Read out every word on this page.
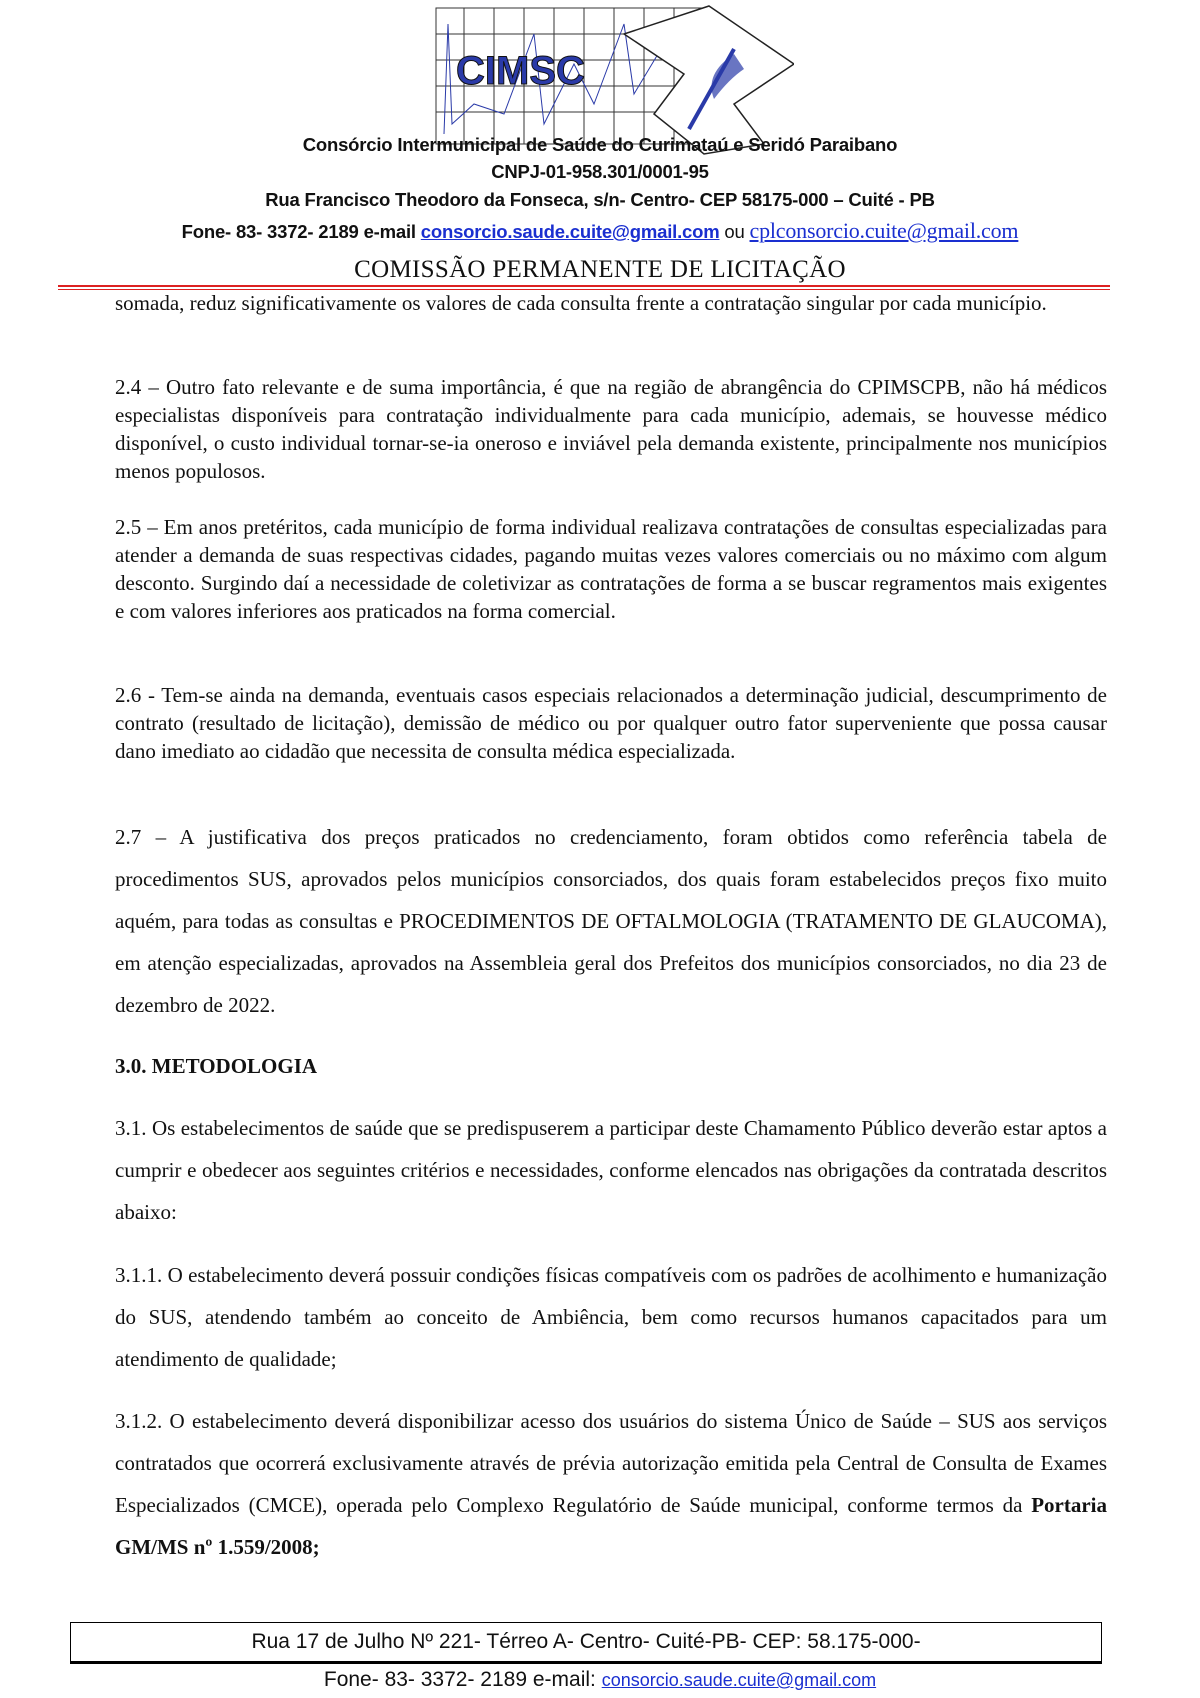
CIMSC
Consórcio Intermunicipal de Saúde do Curimataú e Seridó Paraibano
CNPJ-01-958.301/0001-95
Rua Francisco Theodoro da Fonseca, s/n- Centro- CEP 58175-000 – Cuité - PB
Fone- 83- 3372- 2189 e-mail consorcio.saude.cuite@gmail.com ou cplconsorcio.cuite@gmail.com
COMISSÃO PERMANENTE DE LICITAÇÃO

somada, reduz significativamente os valores de cada consulta frente a contratação singular por cada município.

2.4 – Outro fato relevante e de suma importância, é que na região de abrangência do CPIMSCPB, não há médicos especialistas disponíveis para contratação individualmente para cada município, ademais, se houvesse médico disponível, o custo individual tornar-se-ia oneroso e inviável pela demanda existente, principalmente nos municípios menos populosos.

2.5 – Em anos pretéritos, cada município de forma individual realizava contratações de consultas especializadas para atender a demanda de suas respectivas cidades, pagando muitas vezes valores comerciais ou no máximo com algum desconto. Surgindo daí a necessidade de coletivizar as contratações de forma a se buscar regramentos mais exigentes e com valores inferiores aos praticados na forma comercial.

2.6 - Tem-se ainda na demanda, eventuais casos especiais relacionados a determinação judicial, descumprimento de contrato (resultado de licitação), demissão de médico ou por qualquer outro fator superveniente que possa causar dano imediato ao cidadão que necessita de consulta médica especializada.

2.7 – A justificativa dos preços praticados no credenciamento, foram obtidos como referência tabela de procedimentos SUS, aprovados pelos municípios consorciados, dos quais foram estabelecidos preços fixo muito aquém, para todas as consultas e PROCEDIMENTOS DE OFTALMOLOGIA (TRATAMENTO DE GLAUCOMA), em atenção especializadas, aprovados na Assembleia geral dos Prefeitos dos municípios consorciados, no dia 23 de dezembro de 2022.

3.0. METODOLOGIA

3.1. Os estabelecimentos de saúde que se predispuserem a participar deste Chamamento Público deverão estar aptos a cumprir e obedecer aos seguintes critérios e necessidades, conforme elencados nas obrigações da contratada descritos abaixo:

3.1.1. O estabelecimento deverá possuir condições físicas compatíveis com os padrões de acolhimento e humanização do SUS, atendendo também ao conceito de Ambiência, bem como recursos humanos capacitados para um atendimento de qualidade;

3.1.2. O estabelecimento deverá disponibilizar acesso dos usuários do sistema Único de Saúde – SUS aos serviços contratados que ocorrerá exclusivamente através de prévia autorização emitida pela Central de Consulta de Exames Especializados (CMCE), operada pelo Complexo Regulatório de Saúde municipal, conforme termos da Portaria GM/MS nº 1.559/2008;

Rua 17 de Julho Nº 221- Térreo A- Centro- Cuité-PB- CEP: 58.175-000-
Fone- 83- 3372- 2189 e-mail: consorcio.saude.cuite@gmail.com
